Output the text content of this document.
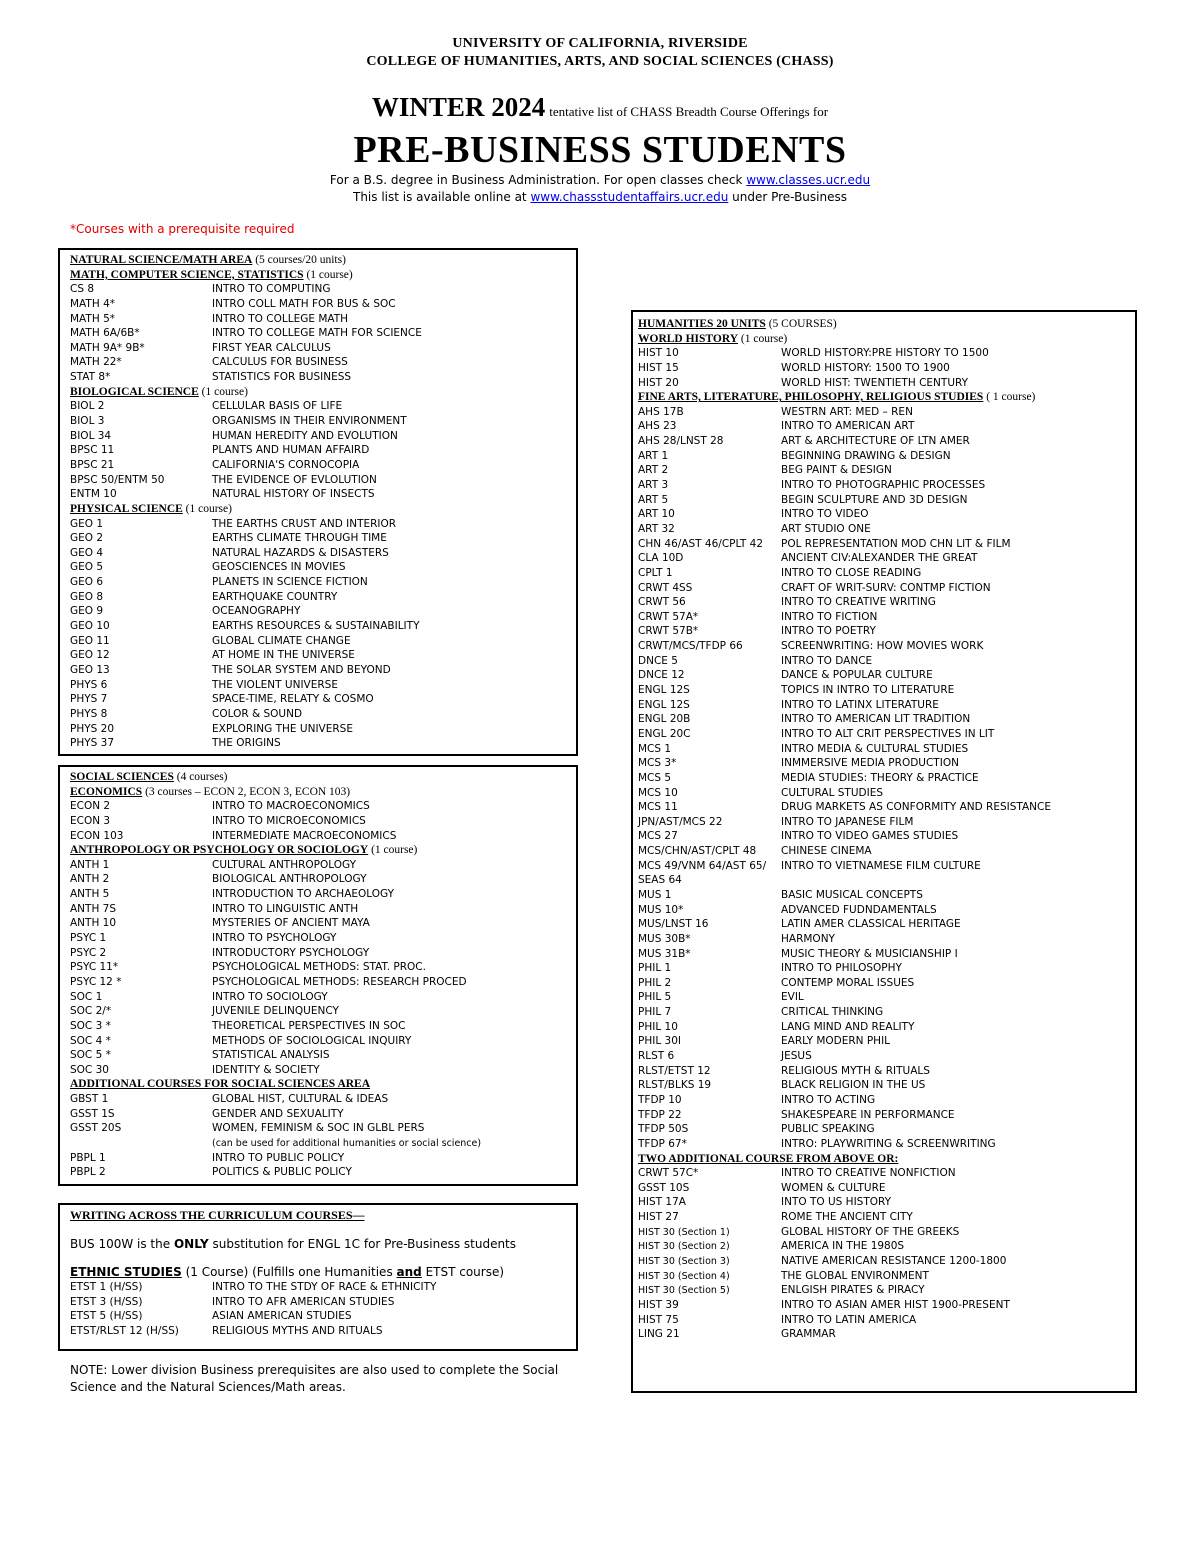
UNIVERSITY OF CALIFORNIA, RIVERSIDE
COLLEGE OF HUMANITIES, ARTS, AND SOCIAL SCIENCES (CHASS)
WINTER 2024 tentative list of CHASS Breadth Course Offerings for
PRE-BUSINESS STUDENTS
For a B.S. degree in Business Administration. For open classes check www.classes.ucr.edu
This list is available online at www.chassstudentaffairs.ucr.edu under Pre-Business
*Courses with a prerequisite required
NATURAL SCIENCE/MATH AREA (5 courses/20 units)
MATH, COMPUTER SCIENCE, STATISTICS (1 course)
CS 8	INTRO TO COMPUTING
MATH 4*	INTRO COLL MATH FOR BUS & SOC
MATH 5*	INTRO TO COLLEGE MATH
MATH 6A/6B*	INTRO TO COLLEGE MATH FOR SCIENCE
MATH 9A* 9B*	FIRST YEAR CALCULUS
MATH 22*	CALCULUS FOR BUSINESS
STAT 8*	STATISTICS FOR BUSINESS
BIOLOGICAL SCIENCE (1 course)
BIOL 2	CELLULAR BASIS OF LIFE
BIOL 3	ORGANISMS IN THEIR ENVIRONMENT
BIOL 34	HUMAN HEREDITY AND EVOLUTION
BPSC 11	PLANTS AND HUMAN AFFAIRD
BPSC 21	CALIFORNIA'S CORNOCOPIA
BPSC 50/ENTM 50	THE EVIDENCE OF EVLOLUTION
ENTM 10	NATURAL HISTORY OF INSECTS
PHYSICAL SCIENCE (1 course)
GEO 1	THE EARTHS CRUST AND INTERIOR
GEO 2	EARTHS CLIMATE THROUGH TIME
GEO 4	NATURAL HAZARDS & DISASTERS
GEO 5	GEOSCIENCES IN MOVIES
GEO 6	PLANETS IN SCIENCE FICTION
GEO 8	EARTHQUAKE COUNTRY
GEO 9	OCEANOGRAPHY
GEO 10	EARTHS RESOURCES & SUSTAINABILITY
GEO 11	GLOBAL CLIMATE CHANGE
GEO 12	AT HOME IN THE UNIVERSE
GEO 13	THE SOLAR SYSTEM AND BEYOND
PHYS 6	THE VIOLENT UNIVERSE
PHYS 7	SPACE-TIME, RELATY & COSMO
PHYS 8	COLOR & SOUND
PHYS 20	EXPLORING THE UNIVERSE
PHYS 37	THE ORIGINS
SOCIAL SCIENCES (4 courses)
ECONOMICS (3 courses – ECON 2, ECON 3, ECON 103)
ECON 2	INTRO TO MACROECONOMICS
ECON 3	INTRO TO MICROECONOMICS
ECON 103	INTERMEDIATE MACROECONOMICS
ANTHROPOLOGY OR PSYCHOLOGY OR SOCIOLOGY (1 course)
ANTH 1	CULTURAL ANTHROPOLOGY
ANTH 2	BIOLOGICAL ANTHROPOLOGY
ANTH 5	INTRODUCTION TO ARCHAEOLOGY
ANTH 7S	INTRO TO LINGUISTIC ANTH
ANTH 10	MYSTERIES OF ANCIENT MAYA
PSYC 1	INTRO TO PSYCHOLOGY
PSYC 2	INTRODUCTORY PSYCHOLOGY
PSYC 11*	PSYCHOLOGICAL METHODS: STAT. PROC.
PSYC 12 *	PSYCHOLOGICAL METHODS: RESEARCH PROCED
SOC 1	INTRO TO SOCIOLOGY
SOC 2/*	JUVENILE DELINQUENCY
SOC 3 *	THEORETICAL PERSPECTIVES IN SOC
SOC 4 *	METHODS OF SOCIOLOGICAL INQUIRY
SOC 5 *	STATISTICAL ANALYSIS
SOC 30	IDENTITY & SOCIETY
ADDITIONAL COURSES FOR SOCIAL SCIENCES AREA
GBST 1	GLOBAL HIST, CULTURAL & IDEAS
GSST 1S	GENDER AND SEXUALITY
GSST 20S	WOMEN, FEMINISM & SOC IN GLBL PERS
(can be used for additional humanities or social science)
PBPL 1	INTRO TO PUBLIC POLICY
PBPL 2	POLITICS & PUBLIC POLICY
WRITING ACROSS THE CURRICULUM COURSES—
BUS 100W is the ONLY substitution for ENGL 1C for Pre-Business students
ETHNIC STUDIES (1 Course) (Fulfills one Humanities and ETST course)
ETST 1 (H/SS)	INTRO TO THE STDY OF RACE & ETHNICITY
ETST 3 (H/SS)	INTRO TO AFR AMERICAN STUDIES
ETST 5 (H/SS)	ASIAN AMERICAN STUDIES
ETST/RLST 12 (H/SS)	RELIGIOUS MYTHS AND RITUALS
NOTE: Lower division Business prerequisites are also used to complete the Social Science and the Natural Sciences/Math areas.
HUMANITIES 20 UNITS (5 COURSES)
WORLD HISTORY (1 course)
HIST 10	WORLD HISTORY:PRE HISTORY TO 1500
HIST 15	WORLD HISTORY: 1500 TO 1900
HIST 20	WORLD HIST: TWENTIETH CENTURY
FINE ARTS, LITERATURE, PHILOSOPHY, RELIGIOUS STUDIES ( 1 course)
AHS 17B	WESTRN ART: MED – REN
AHS 23	INTRO TO AMERICAN ART
AHS 28/LNST 28	ART & ARCHITECTURE OF LTN AMER
ART 1	BEGINNING DRAWING & DESIGN
ART 2	BEG PAINT & DESIGN
ART 3	INTRO TO PHOTOGRAPHIC PROCESSES
ART 5	BEGIN SCULPTURE AND 3D DESIGN
ART 10	INTRO TO VIDEO
ART 32	ART STUDIO ONE
CHN 46/AST 46/CPLT 42 POL REPRESENTATION MOD CHN LIT & FILM
CLA 10D	ANCIENT CIV:ALEXANDER THE GREAT
CPLT 1	INTRO TO CLOSE READING
CRWT 4SS	CRAFT OF WRIT-SURV: CONTMP FICTION
CRWT 56	INTRO TO CREATIVE WRITING
CRWT 57A*	INTRO TO FICTION
CRWT 57B*	INTRO TO POETRY
CRWT/MCS/TFDP 66	SCREENWRITING: HOW MOVIES WORK
DNCE 5	INTRO TO DANCE
DNCE 12	DANCE & POPULAR CULTURE
ENGL 12S	TOPICS IN INTRO TO LITERATURE
ENGL 12S	INTRO TO LATINX LITERATURE
ENGL 20B	INTRO TO AMERICAN LIT TRADITION
ENGL 20C	INTRO TO ALT CRIT PERSPECTIVES IN LIT
MCS 1	INTRO MEDIA & CULTURAL STUDIES
MCS 3*	INMMERSIVE MEDIA PRODUCTION
MCS 5	MEDIA STUDIES: THEORY & PRACTICE
MCS 10	CULTURAL STUDIES
MCS 11	DRUG MARKETS AS CONFORMITY AND RESISTANCE
JPN/AST/MCS 22	INTRO TO JAPANESE FILM
MCS 27	INTRO TO VIDEO GAMES STUDIES
MCS/CHN/AST/CPLT 48 CHINESE CINEMA
MCS 49/VNM 64/AST 65/ INTRO TO VIETNAMESE FILM CULTURE
SEAS 64
MUS 1	BASIC MUSICAL CONCEPTS
MUS 10*	ADVANCED FUDNDAMENTALS
MUS/LNST 16	LATIN AMER CLASSICAL HERITAGE
MUS 30B*	HARMONY
MUS 31B*	MUSIC THEORY & MUSICIANSHIP I
PHIL 1	INTRO TO PHILOSOPHY
PHIL 2	CONTEMP MORAL ISSUES
PHIL 5	EVIL
PHIL 7	CRITICAL THINKING
PHIL 10	LANG MIND AND REALITY
PHIL 30I	EARLY MODERN PHIL
RLST 6	JESUS
RLST/ETST 12	RELIGIOUS MYTH & RITUALS
RLST/BLKS 19	BLACK RELIGION IN THE US
TFDP 10	INTRO TO ACTING
TFDP 22	SHAKESPEARE IN PERFORMANCE
TFDP 50S	PUBLIC SPEAKING
TFDP 67*	INTRO: PLAYWRITING & SCREENWRITING
TWO ADDITIONAL COURSE FROM ABOVE OR:
CRWT 57C*	INTRO TO CREATIVE NONFICTION
GSST 10S	WOMEN & CULTURE
HIST 17A	INTO TO US HISTORY
HIST 27	ROME THE ANCIENT CITY
HIST 30 (Section 1)	GLOBAL HISTORY OF THE GREEKS
HIST 30 (Section 2)	AMERICA IN THE 1980S
HIST 30 (Section 3)	NATIVE AMERICAN RESISTANCE 1200-1800
HIST 30 (Section 4)	THE GLOBAL ENVIRONMENT
HIST 30 (Section 5)	ENLGISH PIRATES & PIRACY
HIST 39	INTRO TO ASIAN AMER HIST 1900-PRESENT
HIST 75	INTRO TO LATIN AMERICA
LING 21	GRAMMAR
